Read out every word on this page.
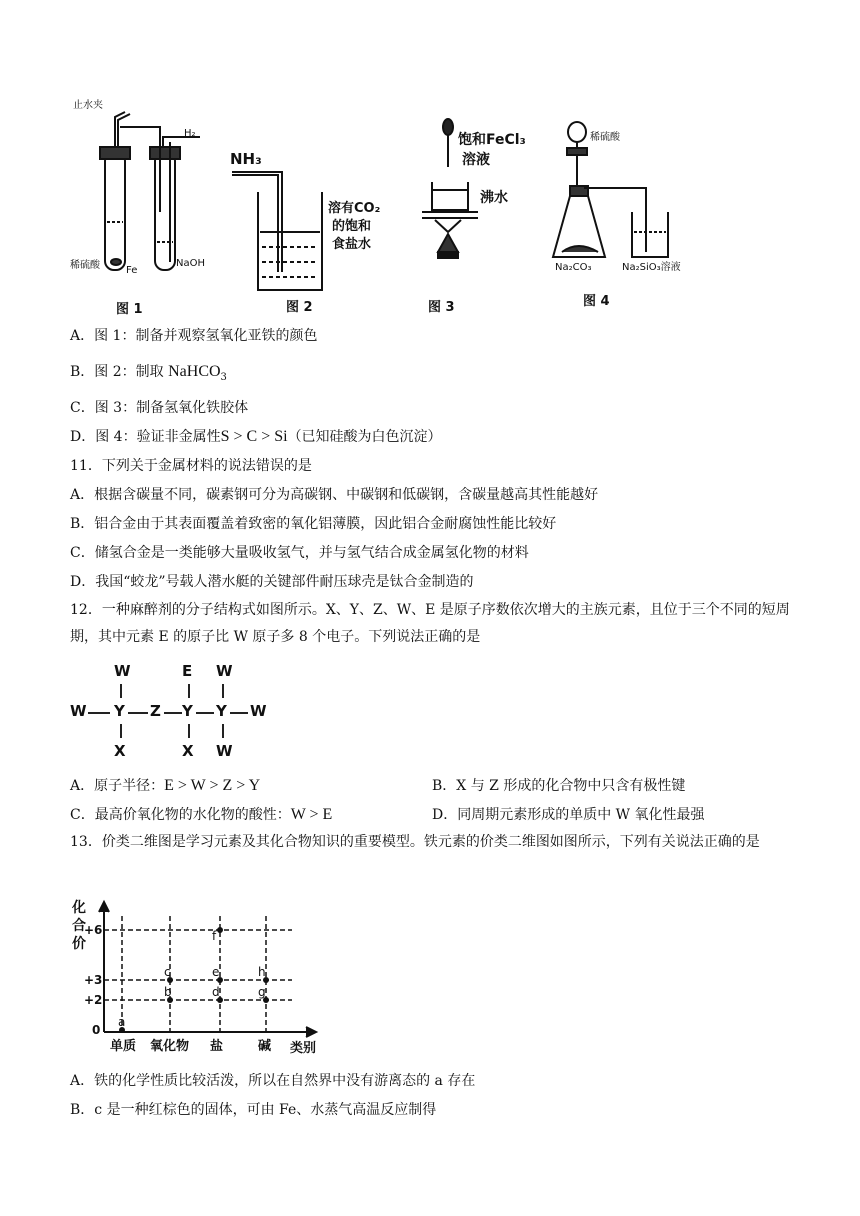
止水夹
H₂
稀硫酸	Fe
NaOH
NH₃
溶有CO₂
的饱和
食盐水
饱和FeCl₃
溶液
沸水
稀硫酸
Na₂CO₃	Na₂SiO₃溶液
图 1	图 2	图 3	图 4
A．图 1：制备并观察氢氧化亚铁的颜色
B．图 2：制取 NaHCO$_3$
C．图 3：制备氢氧化铁胶体
D．图 4：验证非金属性S > C > Si（已知硅酸为白色沉淀）
11．下列关于金属材料的说法错误的是
A．根据含碳量不同，碳素钢可分为高碳钢、中碳钢和低碳钢，含碳量越高其性能越好
B．铝合金由于其表面覆盖着致密的氧化铝薄膜，因此铝合金耐腐蚀性能比较好
C．储氢合金是一类能够大量吸收氢气，并与氢气结合成金属氢化物的材料
D．我国“蛟龙”号载人潜水艇的关键部件耐压球壳是钛合金制造的
12．一种麻醉剂的分子结构式如图所示。X、Y、Z、W、E 是原子序数依次增大的主族元素，且位于三个不同的短周期，其中元素 E 的原子比 W 原子多 8 个电子。下列说法正确的是
W	E W
W Y Z Y Y W
X	X W
A．原子半径：E > W > Z > Y	B．X 与 Z 形成的化合物中只含有极性键
C．最高价氧化物的水化物的酸性：W > E	D．同周期元素形成的单质中 W 氧化性最强
13．价类二维图是学习元素及其化合物知识的重要模型。铁元素的价类二维图如图所示，下列有关说法正确的是
化
合
价
+6
+3
+2
0
a
b
c
d
e
f
g
h
单质 氧化物 盐	碱 类别
A．铁的化学性质比较活泼，所以在自然界中没有游离态的 a 存在
B．c 是一种红棕色的固体，可由 Fe、水蒸气高温反应制得
